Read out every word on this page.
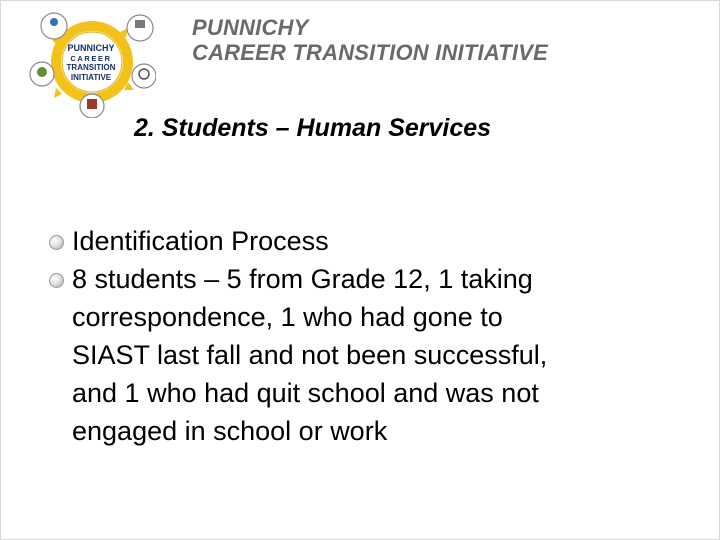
PUNNICHY
CAREER
TRANSITION
INITIATIVE
PUNNICHY
CAREER TRANSITION INITIATIVE
2. Students – Human Services
Identification Process
8 students – 5 from Grade 12, 1 taking
correspondence, 1 who had gone to
SIAST last fall and not been successful,
and 1 who had quit school and was not
engaged in school or work
